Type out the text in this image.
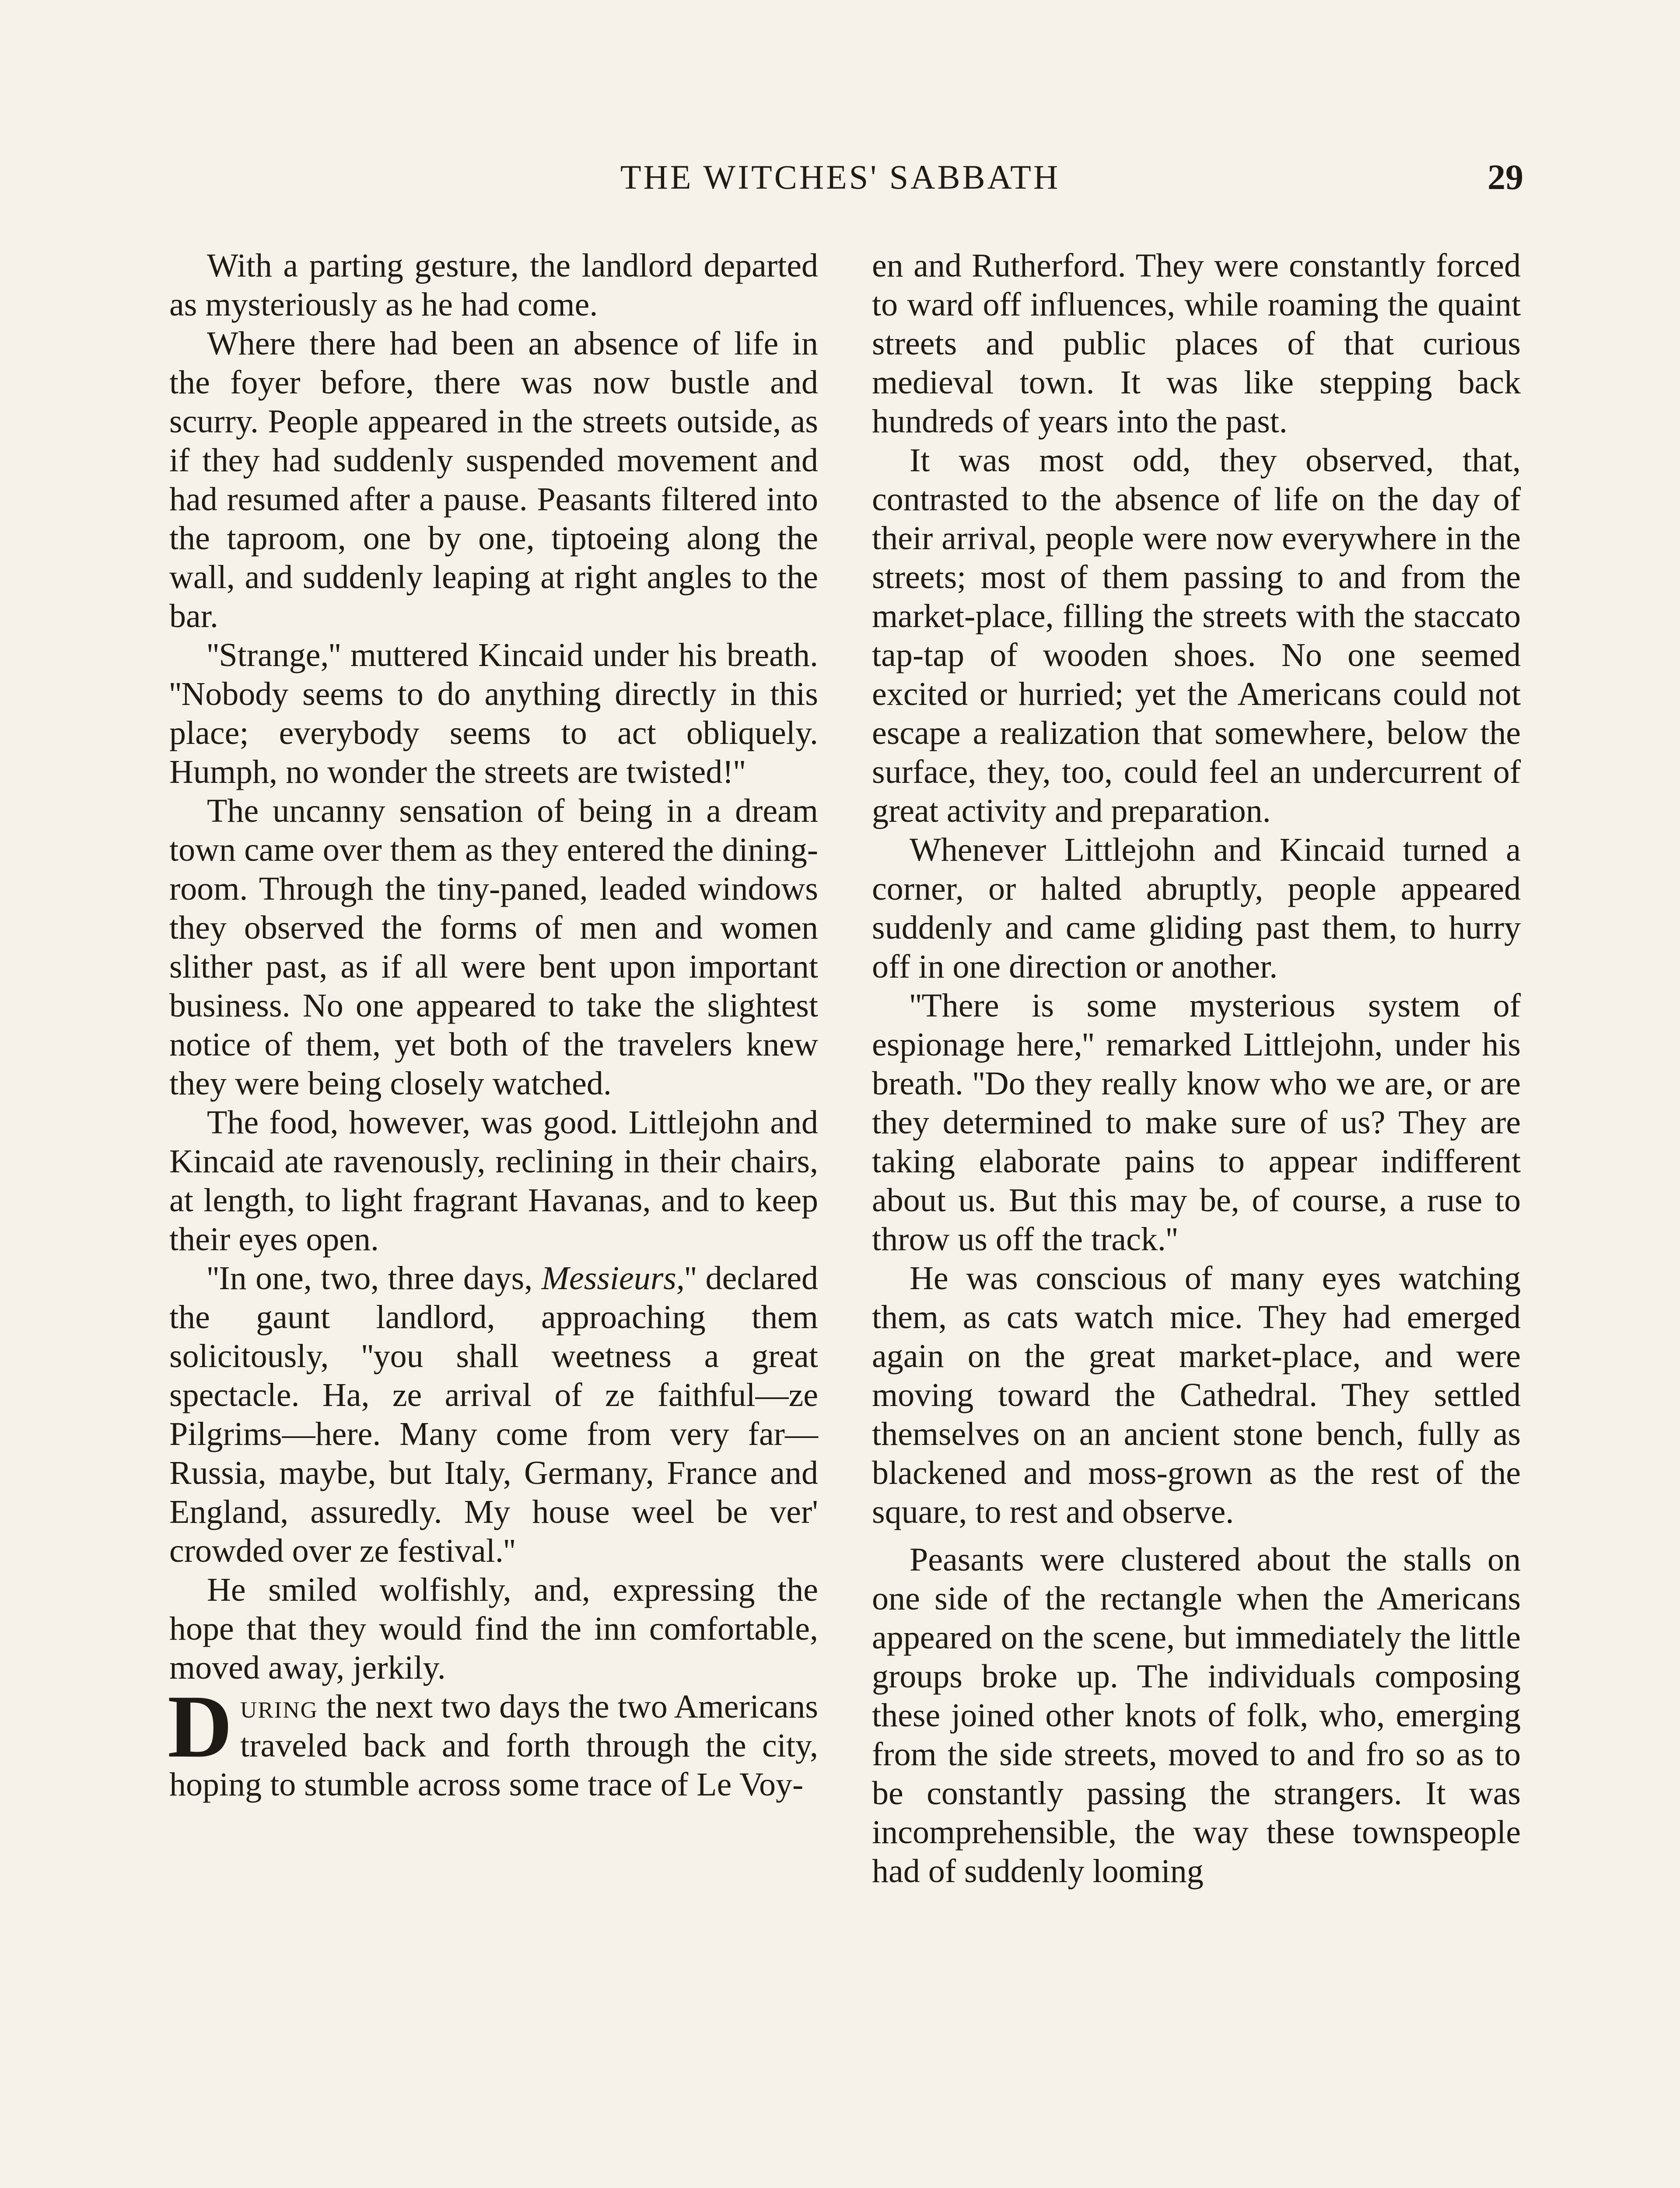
THE WITCHES' SABBATH	29

With a parting gesture, the landlord departed as mysteriously as he had come.

Where there had been an absence of life in the foyer before, there was now bustle and scurry. People appeared in the streets outside, as if they had suddenly suspended movement and had resumed after a pause. Peasants filtered into the taproom, one by one, tiptoeing along the wall, and suddenly leaping at right angles to the bar.

''Strange,'' muttered Kincaid under his breath. ''Nobody seems to do anything directly in this place; everybody seems to act obliquely. Humph, no wonder the streets are twisted!''

The uncanny sensation of being in a dream town came over them as they entered the dining-room. Through the tiny-paned, leaded windows they observed the forms of men and women slither past, as if all were bent upon important business. No one appeared to take the slightest notice of them, yet both of the travelers knew they were being closely watched.

The food, however, was good. Littlejohn and Kincaid ate ravenously, reclining in their chairs, at length, to light fragrant Havanas, and to keep their eyes open.

''In one, two, three days, Messieurs,'' declared the gaunt landlord, approaching them solicitously, ''you shall weetness a great spectacle. Ha, ze arrival of ze faithful—ze Pilgrims—here. Many come from very far—Russia, maybe, but Italy, Germany, France and England, assuredly. My house weel be ver' crowded over ze festival.''

He smiled wolfishly, and, expressing the hope that they would find the inn comfortable, moved away, jerkily.

During the next two days the two Americans traveled back and forth through the city, hoping to stumble across some trace of Le Voy-

en and Rutherford. They were constantly forced to ward off influences, while roaming the quaint streets and public places of that curious medieval town. It was like stepping back hundreds of years into the past.

It was most odd, they observed, that, contrasted to the absence of life on the day of their arrival, people were now everywhere in the streets; most of them passing to and from the market-place, filling the streets with the staccato tap-tap of wooden shoes. No one seemed excited or hurried; yet the Americans could not escape a realization that somewhere, below the surface, they, too, could feel an undercurrent of great activity and preparation.

Whenever Littlejohn and Kincaid turned a corner, or halted abruptly, people appeared suddenly and came gliding past them, to hurry off in one direction or another.

''There is some mysterious system of espionage here,'' remarked Littlejohn, under his breath. ''Do they really know who we are, or are they determined to make sure of us? They are taking elaborate pains to appear indifferent about us. But this may be, of course, a ruse to throw us off the track.''

He was conscious of many eyes watching them, as cats watch mice. They had emerged again on the great market-place, and were moving toward the Cathedral. They settled themselves on an ancient stone bench, fully as blackened and moss-grown as the rest of the square, to rest and observe.

Peasants were clustered about the stalls on one side of the rectangle when the Americans appeared on the scene, but immediately the little groups broke up. The individuals composing these joined other knots of folk, who, emerging from the side streets, moved to and fro so as to be constantly passing the strangers. It was incomprehensible, the way these townspeople had of suddenly looming
